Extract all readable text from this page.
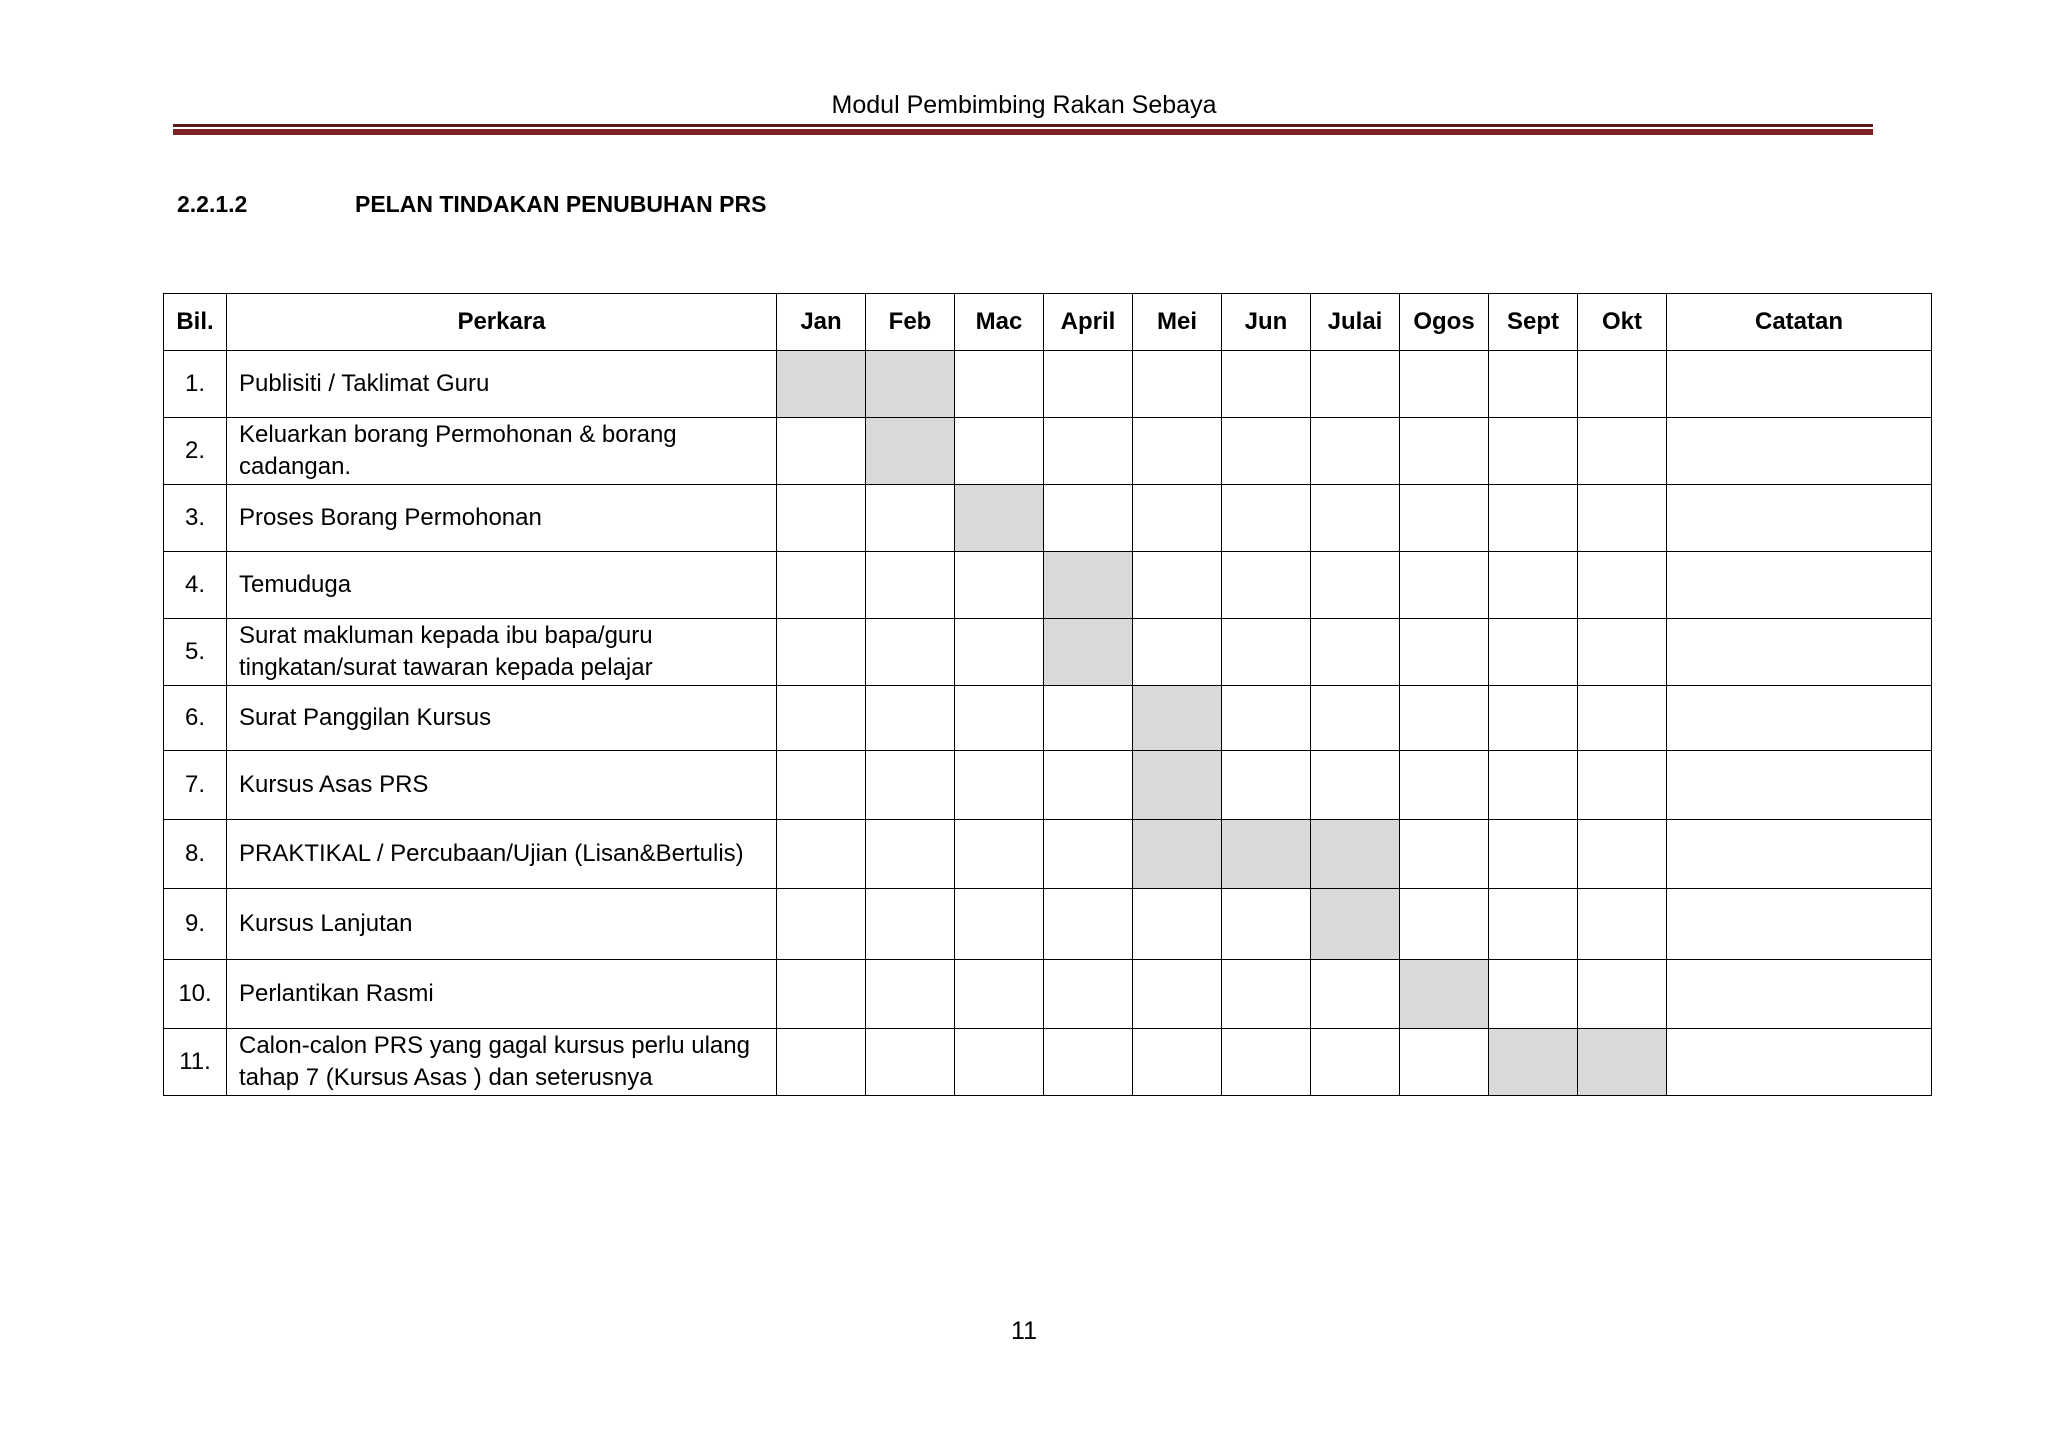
Modul Pembimbing Rakan Sebaya
2.2.1.2	PELAN TINDAKAN PENUBUHAN PRS
Bil.	Perkara	Jan	Feb	Mac	April	Mei	Jun	Julai	Ogos	Sept	Okt	Catatan
1.	Publisiti / Taklimat Guru											
2.	Keluarkan borang Permohonan & borang cadangan.											
3.	Proses Borang Permohonan											
4.	Temuduga											
5.	Surat makluman kepada ibu bapa/guru tingkatan/surat tawaran kepada pelajar											
6.	Surat Panggilan Kursus											
7.	Kursus Asas PRS											
8.	PRAKTIKAL / Percubaan/Ujian (Lisan&Bertulis)											
9.	Kursus Lanjutan											
10.	Perlantikan Rasmi											
11.	Calon-calon PRS yang gagal kursus perlu ulang tahap 7 (Kursus Asas ) dan seterusnya											
11
